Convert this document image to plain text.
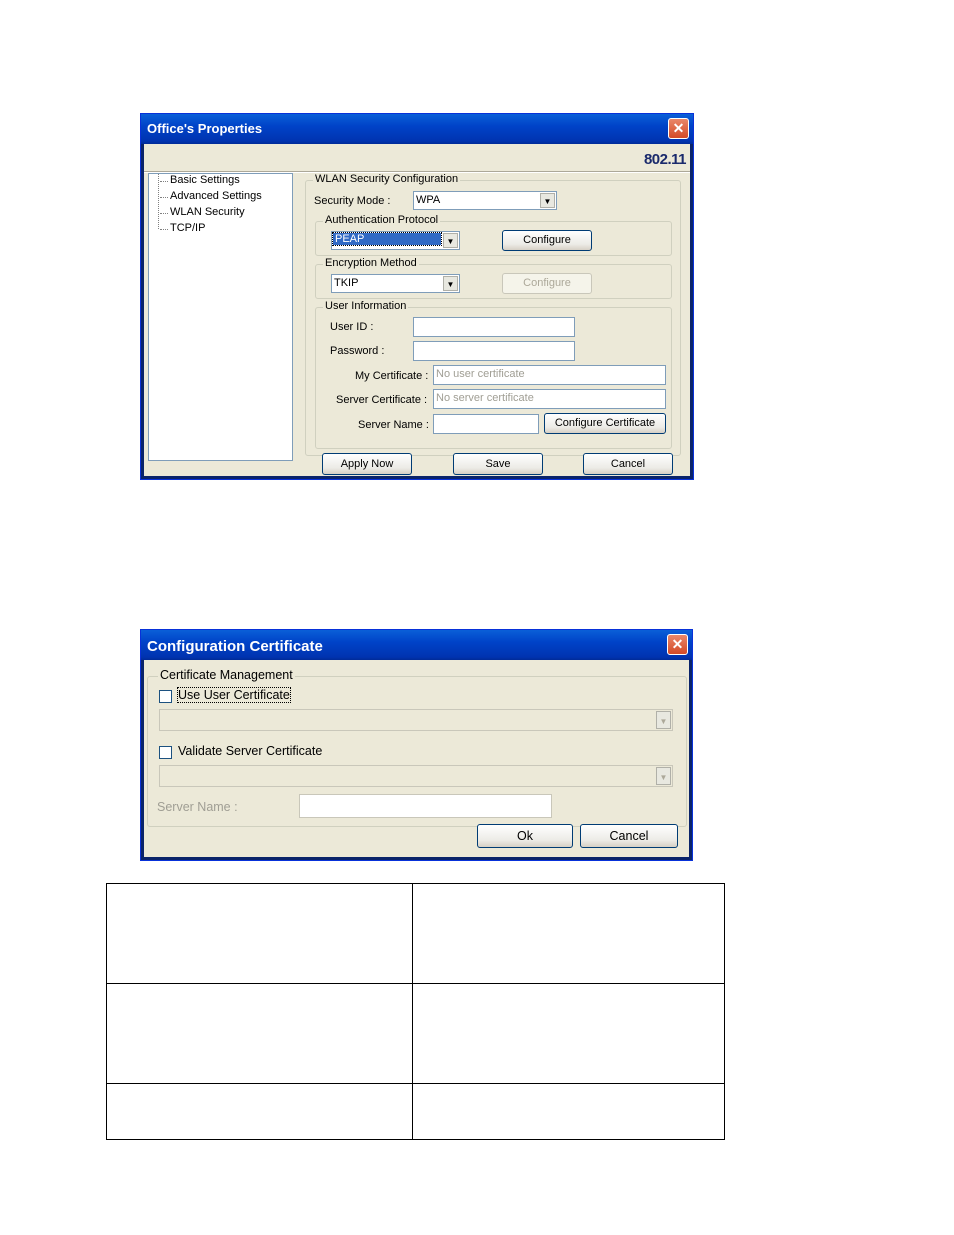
Office's Properties	✕
802.11
Basic Settings
Advanced Settings
WLAN Security
TCP/IP
WLAN Security Configuration
Security Mode : WPA	▼
Authentication Protocol
PEAP	▼	Configure
Encryption Method
TKIP	▼	Configure
User Information
User ID :
Password :
My Certificate : No user certificate
Server Certificate : No server certificate
Server Name :	Configure Certificate
Apply Now	Save	Cancel
Configuration Certificate	✕
Certificate Management
Use User Certificate
▼
Validate Server Certificate
▼
Server Name :
Ok	Cancel
